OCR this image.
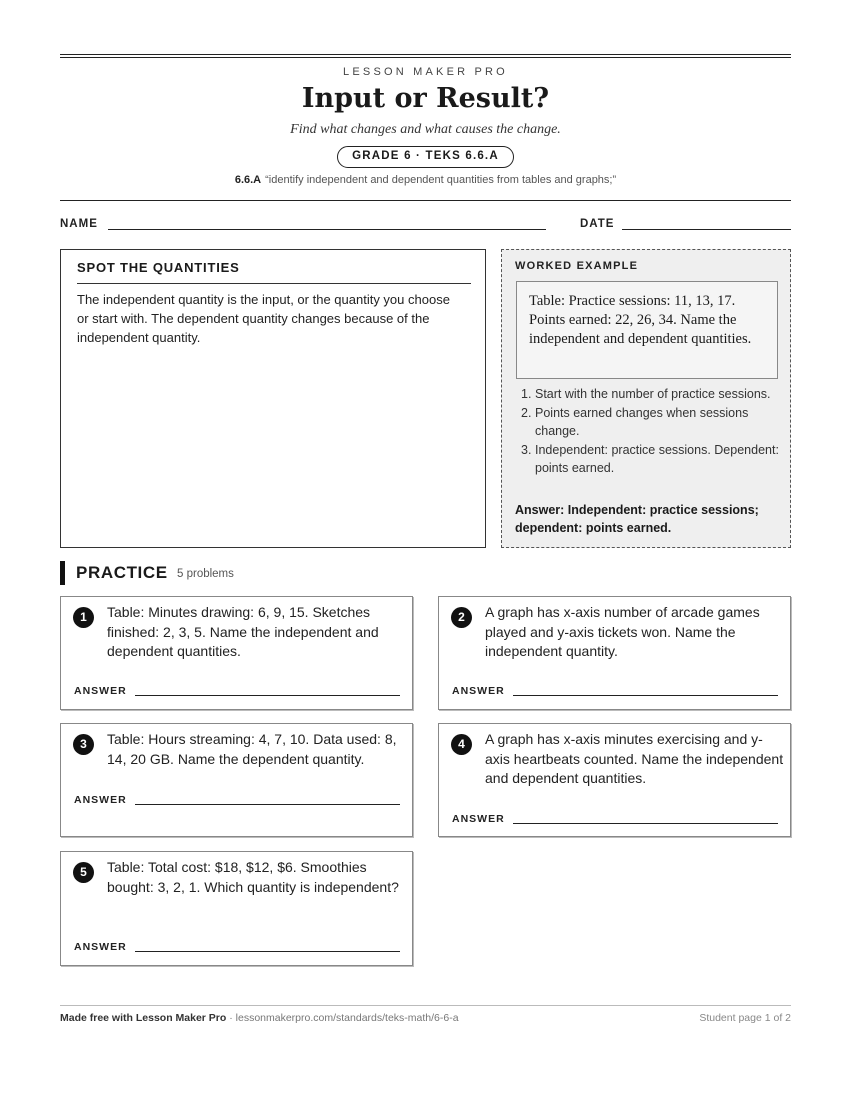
LESSON MAKER PRO
Input or Result?
Find what changes and what causes the change.
GRADE 6 · TEKS 6.6.A
6.6.A “identify independent and dependent quantities from tables and graphs;”
NAME	DATE
SPOT THE QUANTITIES
The independent quantity is the input, or the quantity you choose or start with. The dependent quantity changes because of the independent quantity.
WORKED EXAMPLE
Table: Practice sessions: 11, 13, 17. Points earned: 22, 26, 34. Name the independent and dependent quantities.
1. Start with the number of practice sessions.
2. Points earned changes when sessions change.
3. Independent: practice sessions. Dependent: points earned.
Answer: Independent: practice sessions; dependent: points earned.
PRACTICE 5 problems
1	Table: Minutes drawing: 6, 9, 15. Sketches finished: 2, 3, 5. Name the independent and dependent quantities.
ANSWER
2	A graph has x-axis number of arcade games played and y-axis tickets won. Name the independent quantity.
ANSWER
3	Table: Hours streaming: 4, 7, 10. Data used: 8, 14, 20 GB. Name the dependent quantity.
ANSWER
4	A graph has x-axis minutes exercising and y-axis heartbeats counted. Name the independent and dependent quantities.
ANSWER
5	Table: Total cost: $18, $12, $6. Smoothies bought: 3, 2, 1. Which quantity is independent?
ANSWER
Made free with Lesson Maker Pro · lessonmakerpro.com/standards/teks-math/6-6-a	Student page 1 of 2
